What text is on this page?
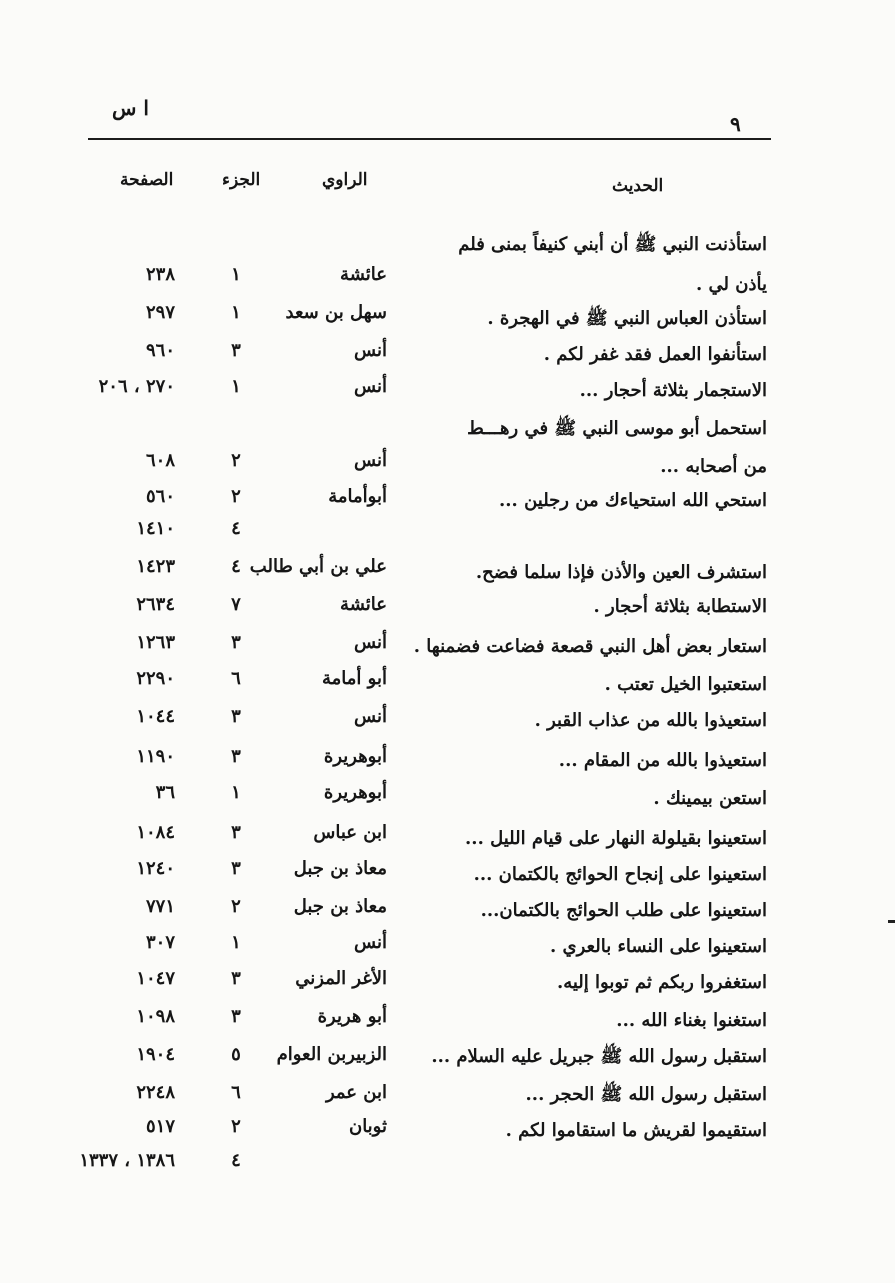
ا س
٩
الحديث
الراوي
الجزء
الصفحة
استأذنت النبي ﷺ أن أبني كنيفاً بمنى فلم
يأذن لي .
عائشة
١
٢٣٨
استأذن العباس النبي ﷺ في الهجرة .
سهل بن سعد
١
٢٩٧
استأنفوا العمل فقد غفر لكم .
أنس
٣
٩٦٠
الاستجمار بثلاثة أحجار ...
أنس
١
٢٧٠ ، ٢٠٦
استحمل أبو موسى النبي ﷺ في رهـــط
من أصحابه ...
أنس
٢
٦٠٨
استحي الله استحياءك من رجلين ...
أبوأمامة
٢
٥٦٠
٤
١٤١٠
استشرف العين والأذن فإذا سلما فضح.
علي بن أبي طالب
٤
١٤٢٣
الاستطابة بثلاثة أحجار .
عائشة
٧
٢٦٣٤
استعار بعض أهل النبي قصعة فضاعت فضمنها .
أنس
٣
١٢٦٣
استعتبوا الخيل تعتب .
أبو أمامة
٦
٢٢٩٠
استعيذوا بالله من عذاب القبر .
أنس
٣
١٠٤٤
استعيذوا بالله من المقام ...
أبوهريرة
٣
١١٩٠
استعن بيمينك .
أبوهريرة
١
٣٦
استعينوا بقيلولة النهار على قيام الليل ...
ابن عباس
٣
١٠٨٤
استعينوا على إنجاح الحوائج بالكتمان ...
معاذ بن جبل
٣
١٢٤٠
استعينوا على طلب الحوائج بالكتمان...
معاذ بن جبل
٢
٧٧١
استعينوا على النساء بالعري .
أنس
١
٣٠٧
استغفروا ربكم ثم توبوا إليه.
الأغر المزني
٣
١٠٤٧
استغنوا بغناء الله ...
أبو هريرة
٣
١٠٩٨
استقبل رسول الله ﷺ جبريل عليه السلام ...
الزبيربن العوام
٥
١٩٠٤
استقبل رسول الله ﷺ الحجر ...
ابن عمر
٦
٢٢٤٨
استقيموا لقريش ما استقاموا لكم .
ثوبان
٢
٥١٧
٤
١٣٨٦ ، ١٣٣٧
